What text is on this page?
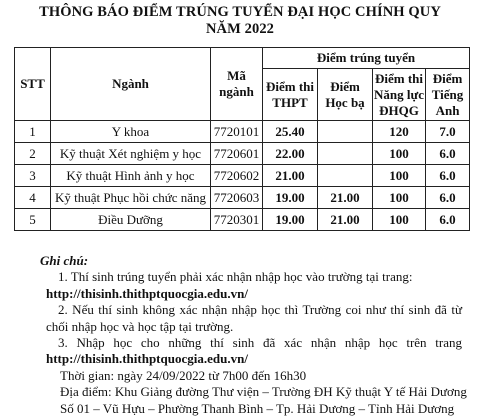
THÔNG BÁO ĐIỂM TRÚNG TUYỂN ĐẠI HỌC CHÍNH QUY
NĂM 2022
STT	Ngành	Mã ngành	Điểm trúng tuyển			
			Điểm thi THPT	Điểm Học bạ	Điểm thi Năng lực ĐHQG	Điểm Tiếng Anh
1	Y khoa	7720101	25.40		120	7.0
2	Kỹ thuật Xét nghiệm y học	7720601	22.00		100	6.0
3	Kỹ thuật Hình ảnh y học	7720602	21.00		100	6.0
4	Kỹ thuật Phục hồi chức năng	7720603	19.00	21.00	100	6.0
5	Điều Dưỡng	7720301	19.00	21.00	100	6.0
Ghi chú:
1. Thí sinh trúng tuyển phải xác nhận nhập học vào trường tại trang:
http://thisinh.thithptquocgia.edu.vn/
2. Nếu thí sinh không xác nhận nhập học thì Trường coi như thí sinh đã từ
chối nhập học và học tập tại trường.
3. Nhập học cho những thí sinh đã xác nhận nhập học trên trang
http://thisinh.thithptquocgia.edu.vn/
Thời gian: ngày 24/09/2022 từ 7h00 đến 16h30
Địa điểm: Khu Giảng đường Thư viện – Trường ĐH Kỹ thuật Y tế Hải Dương
Số 01 – Vũ Hựu – Phường Thanh Bình – Tp. Hải Dương – Tỉnh Hải Dương
